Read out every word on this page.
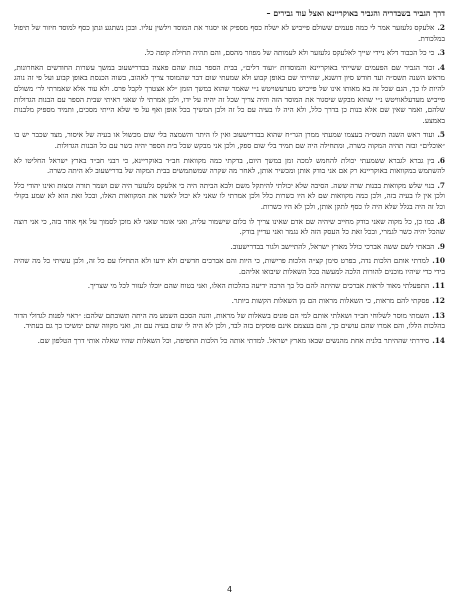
דרך הגביר בשבדריה והגביר באוקריינא ואצל עוד גבירים –

2.אלעקס גלעזער אמר לי כמה פעמים ששולם פייביש לא ישלח כסף מספיק אז יסגור את המוסד וילשין עליו. ובכן נשתגע ונתן כסף למוסד חיזור של תיפול במלכודת.

3.כי כל הכבוד דלא ניידי שייך לאלעקס גלעזער ולא לעמותה של מפוזר מהסם, והם תהיה תחילת קופה כל.

4.זכור הגביר שם הפעמים ששייתי באוקריינא והמוסדות ״ועוד דלים״, בבית הספר בנות שהם פאצה בבדרישעוב במשך עשרות החודשים האחרונות, מראש השנה תשס״ה ועד חודש סיון דושנא, שהייתי שם באופן קבוע ולא שמעתי שום דבר שהמוסד צריך לאהוב, בשוה הכנסת באופן קבוע ועל פי זה נוהג להיות לו כך, הגם שכל זה בא מאותו אינו של פייביש מערעשויטש נ״י שאמר שהוא במשך הזמן ״לא אצטרך לקבל פרס. ולא עוד אלא שאמרתי לר׳ משולם פייביש מעדעלאוויטש נ״י שהוא מבקש שיסגור את המוסד הזה והיה צריך שכל זה יהיה על ידו, ולכן אמרתי לו שאני ראיתי שבית הספר עם הבנות הגדולות שלהם, ואמר שאין שם אלא בנות כן בדרך כלל, ולא היה לו בעיה עם כל זה ולכן המשיך בכל אופן ואף על פי שלא הייתי מסכים, ותמיד מספיק מלבנות באמצע.

5.ועוד ראש השנה תשס״ה בעצמו שמעתי ממרן הגר״ח שהוא בבדרישעוב ואין לו היתר והשמצה בלי שום מכשול או בעיה של איסור, מצד שכבר יש בו ״אוכלים״ ובזה תהיה המקוה כשרה, ומתחילה היה שם תמיד בלי שום ספק, ולכן אני מבקש שכל בית הספר יהיה כשר עם כל הבנות הגדולות.

6.בין גברא לגברא ששמעתי יכולת להחמש למכה זמן במשך היום, בדקתי כמה מקוואות חב״ד באוקריינא, כי רבני חב״ד בארץ ישראל החליטו לא להשתמש במקוואות באוקריינא רק אם אני בודק אותן ומכשיר אותן, לאחר מה שקרה שמשתמשים בבית המקוה של בדרישעוב לא היתה כשרה.

7.בנוי שלש מקוואות בבנות שרה ששה. הסיבה שלא יכולתי להיתקל משם ולבא הביתה היה כי אלעקס גלעזער היה שם ושמר תורה ומצות ואינו יהודי כלל ולכן אין לו בעיה בזה, ולכן כמה מקוואות שם לא היו כשרות כלל ולכן אמרתי לו שאני לא יכול לאשר את המקוואות האלו, ובכל זאת הוא לא שמע בקולי וכל זה היה בגלל שלא היה לו כסף לתקן אותן, ולכן לא היו כשרות.

8.כמו כן, כל מקוה שאני בודק מחייב שיהיה שם אדם שאינו צריך לו כלום שישמור עליה, ואני אומר שאני לא מוכן לסמוך על אף אחד בזה, כי אני רוצה שהכל יהיה כשר לגמרי, ובכל זאת כל העסק הזה לא נגמר ואני עדיין בודק.

9.הבאתי לשם ששה אברכי כולל מארץ ישראל, להתיישב ולגור בבדרישעוב.

10.למדתי אותם הלכות נדה, בפרט סימן קצ״ה הלכות פרישות, כי היות והם אברכים חדשים ולא ידעו ולא התחילו עם כל זה, ולכן עשיתי כל מה שהיה בידי כדי שיהיו מוכנים להורות הלכה למעשה בכל השאלות שיבואו אליהם.

11.התפעלתי מאוד לראות אברכים שהיתה להם כל כך הרבה ידיעה בהלכות האלו, ואני בטוח שהם יוכלו לעזור לכל מי שצריך.

12.פסקתי להם מראות, כי השאלות מראות הם מן השאלות הקשות ביותר.

13.השמתי מוסר לשלוחי חב״ד ושאלתי אותם למי הם פונים בשאלות של מראות, והנה הסכם השמע מה היתה תשובתם שלהם: ״ראוי לפנות לגדולי הדור בהלכות הללו, והם אמרו שהם עושים כך, והם בעצמם אינם פוסקים בזה לבד, ולכן לא היה לי שום בעיה עם זה, ואני מקווה שהם ימשיכו כך גם בעתיד.

14.סידרתי שההיתר בלנית אחת מהנשים שבאו מארץ ישראל. למדתי אותה כל הלכות החפיפה, וכל השאלות שהיו שאלה אותי דרך הטלפון שם.

4
